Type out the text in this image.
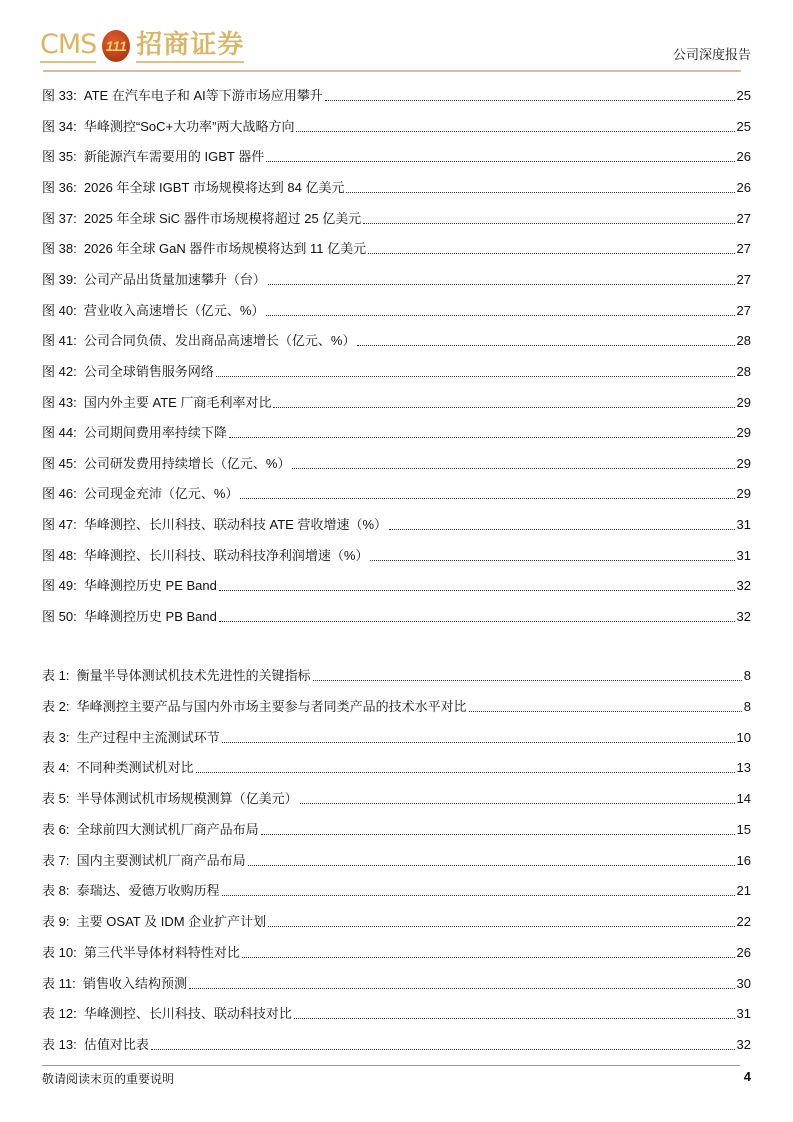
CMS 111 招商证券	公司深度报告
图 33:  ATE 在汽车电子和 AI等下游市场应用攀升	25
图 34:  华峰测控“SoC+大功率”两大战略方向	25
图 35:  新能源汽车需要用的 IGBT 器件	26
图 36:  2026 年全球 IGBT 市场规模将达到 84 亿美元	26
图 37:  2025 年全球 SiC 器件市场规模将超过 25 亿美元	27
图 38:  2026 年全球 GaN 器件市场规模将达到 11 亿美元	27
图 39:  公司产品出货量加速攀升（台）	27
图 40:  营业收入高速增长（亿元、%）	27
图 41:  公司合同负债、发出商品高速增长（亿元、%）	28
图 42:  公司全球销售服务网络	28
图 43:  国内外主要 ATE 厂商毛利率对比	29
图 44:  公司期间费用率持续下降	29
图 45:  公司研发费用持续增长（亿元、%）	29
图 46:  公司现金充沛（亿元、%）	29
图 47:  华峰测控、长川科技、联动科技 ATE 营收增速（%）	31
图 48:  华峰测控、长川科技、联动科技净利润增速（%）	31
图 49:  华峰测控历史 PE Band	32
图 50:  华峰测控历史 PB Band	32
表 1:  衡量半导体测试机技术先进性的关键指标	8
表 2:  华峰测控主要产品与国内外市场主要参与者同类产品的技术水平对比	8
表 3:  生产过程中主流测试环节	10
表 4:  不同种类测试机对比	13
表 5:  半导体测试机市场规模测算（亿美元）	14
表 6:  全球前四大测试机厂商产品布局	15
表 7:  国内主要测试机厂商产品布局	16
表 8:  泰瑞达、爱德万收购历程	21
表 9:  主要 OSAT 及 IDM 企业扩产计划	22
表 10:  第三代半导体材料特性对比	26
表 11:  销售收入结构预测	30
表 12:  华峰测控、长川科技、联动科技对比	31
表 13:  估值对比表	32
敬请阅读末页的重要说明	4
